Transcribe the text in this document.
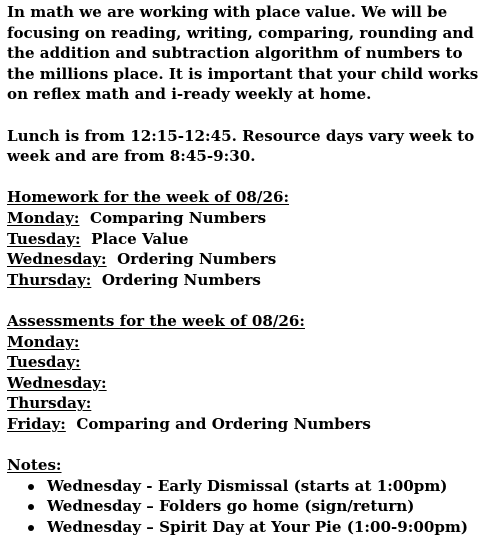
In math we are working with place value. We will be focusing on reading, writing, comparing, rounding and the addition and subtraction algorithm of numbers to the millions place. It is important that your child works on reflex math and i-ready weekly at home.

Lunch is from 12:15-12:45. Resource days vary week to week and are from 8:45-9:30.

Homework for the week of 08/26:
Monday:  Comparing Numbers
Tuesday:  Place Value
Wednesday:  Ordering Numbers
Thursday:  Ordering Numbers
Assessments for the week of 08/26:
Monday:
Tuesday:
Wednesday:
Thursday:
Friday:  Comparing and Ordering Numbers
Notes:
Wednesday - Early Dismissal (starts at 1:00pm)
Wednesday – Folders go home (sign/return)
Wednesday – Spirit Day at Your Pie (1:00-9:00pm)
